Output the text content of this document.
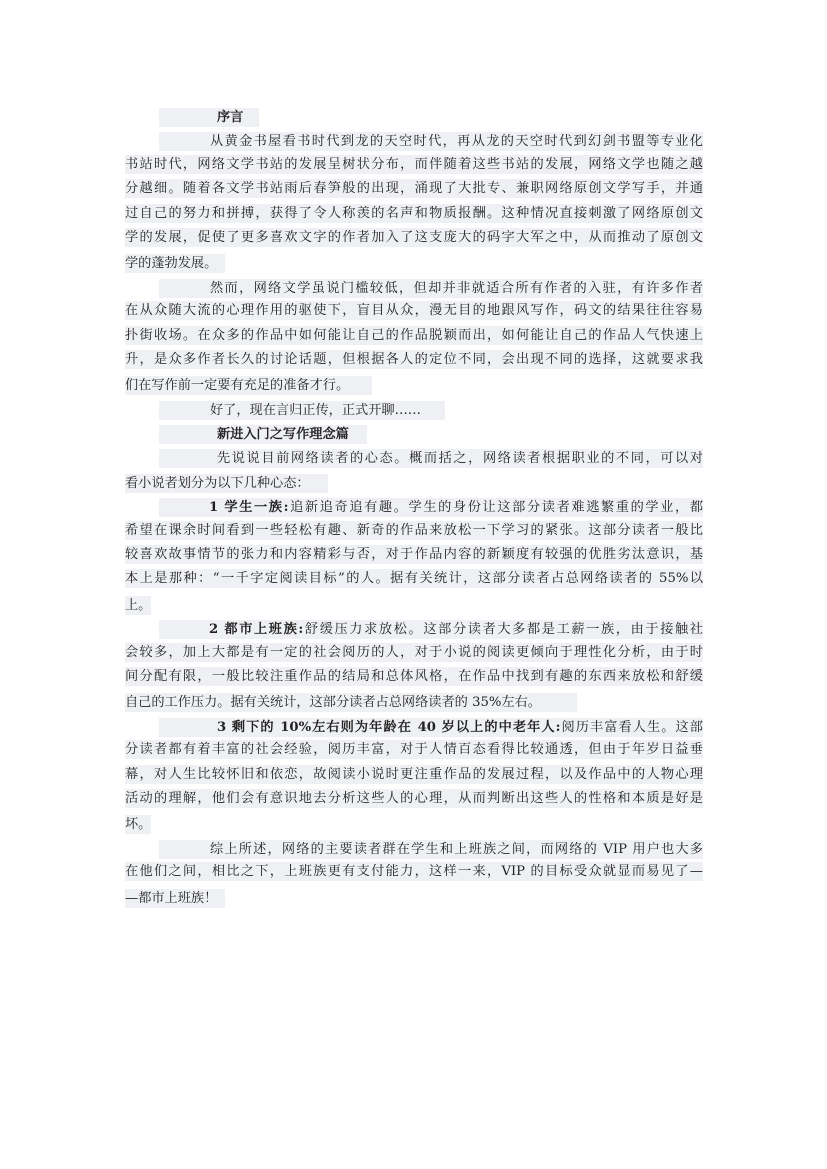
序言
从黄金书屋看书时代到龙的天空时代，再从龙的天空时代到幻剑书盟等专业化
书站时代，网络文学书站的发展呈树状分布，而伴随着这些书站的发展，网络文学也随之越
分越细。随着各文学书站雨后春笋般的出现，涌现了大批专、兼职网络原创文学写手，并通
过自己的努力和拼搏，获得了令人称羡的名声和物质报酬。这种情况直接刺激了网络原创文
学的发展，促使了更多喜欢文字的作者加入了这支庞大的码字大军之中，从而推动了原创文
学的蓬勃发展。
然而，网络文学虽说门槛较低，但却并非就适合所有作者的入驻，有许多作者
在从众随大流的心理作用的驱使下，盲目从众，漫无目的地跟风写作，码文的结果往往容易
扑街收场。在众多的作品中如何能让自己的作品脱颖而出，如何能让自己的作品人气快速上
升，是众多作者长久的讨论话题，但根据各人的定位不同，会出现不同的选择，这就要求我
们在写作前一定要有充足的准备才行。
好了，现在言归正传，正式开聊……
新进入门之写作理念篇
先说说目前网络读者的心态。概而括之，网络读者根据职业的不同，可以对
看小说者划分为以下几种心态：
1 学生一族:追新追奇追有趣。学生的身份让这部分读者难逃繁重的学业，都
希望在课余时间看到一些轻松有趣、新奇的作品来放松一下学习的紧张。这部分读者一般比
较喜欢故事情节的张力和内容精彩与否，对于作品内容的新颖度有较强的优胜劣汰意识，基
本上是那种：“一千字定阅读目标”的人。据有关统计，这部分读者占总网络读者的 55%以
上。
2 都市上班族:舒缓压力求放松。这部分读者大多都是工薪一族，由于接触社
会较多，加上大都是有一定的社会阅历的人，对于小说的阅读更倾向于理性化分析，由于时
间分配有限，一般比较注重作品的结局和总体风格，在作品中找到有趣的东西来放松和舒缓
自己的工作压力。据有关统计，这部分读者占总网络读者的 35%左右。
3 剩下的 10%左右则为年龄在 40 岁以上的中老年人:阅历丰富看人生。这部
分读者都有着丰富的社会经验，阅历丰富，对于人情百态看得比较通透，但由于年岁日益垂
幕，对人生比较怀旧和依恋，故阅读小说时更注重作品的发展过程，以及作品中的人物心理
活动的理解，他们会有意识地去分析这些人的心理，从而判断出这些人的性格和本质是好是
坏。
综上所述，网络的主要读者群在学生和上班族之间，而网络的 VIP 用户也大多
在他们之间，相比之下，上班族更有支付能力，这样一来，VIP 的目标受众就显而易见了—
—都市上班族！
